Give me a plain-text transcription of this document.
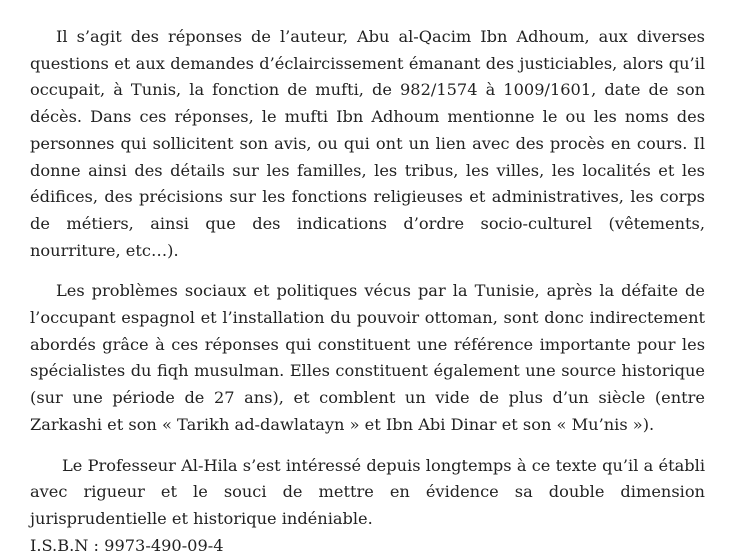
Il s’agit des réponses de l’auteur, Abu al-Qacim Ibn Adhoum, aux diverses questions et aux demandes d’éclaircissement émanant des justiciables, alors qu’il occupait, à Tunis, la fonction de mufti, de 982/1574 à 1009/1601, date de son décès. Dans ces réponses, le mufti Ibn Adhoum mentionne le ou les noms des personnes qui sollicitent son avis, ou qui ont un lien avec des procès en cours. Il donne ainsi des détails sur les familles, les tribus, les villes, les localités et les édifices, des précisions sur les fonctions religieuses et administratives, les corps de métiers, ainsi que des indications d’ordre socio-culturel (vêtements, nourriture, etc…).

Les problèmes sociaux et politiques vécus par la Tunisie, après la défaite de l’occupant espagnol et l’installation du pouvoir ottoman, sont donc indirectement abordés grâce à ces réponses qui constituent une référence importante pour les spécialistes du fiqh musulman. Elles constituent également une source historique (sur une période de 27 ans), et comblent un vide de plus d’un siècle (entre Zarkashi et son « Tarikh ad-dawlatayn » et Ibn Abi Dinar et son « Mu’nis »).

Le Professeur Al-Hila s’est intéressé depuis longtemps à ce texte qu’il a établi avec rigueur et le souci de mettre en évidence sa double dimension jurisprudentielle et historique indéniable.

I.S.B.N : 9973-490-09-4
